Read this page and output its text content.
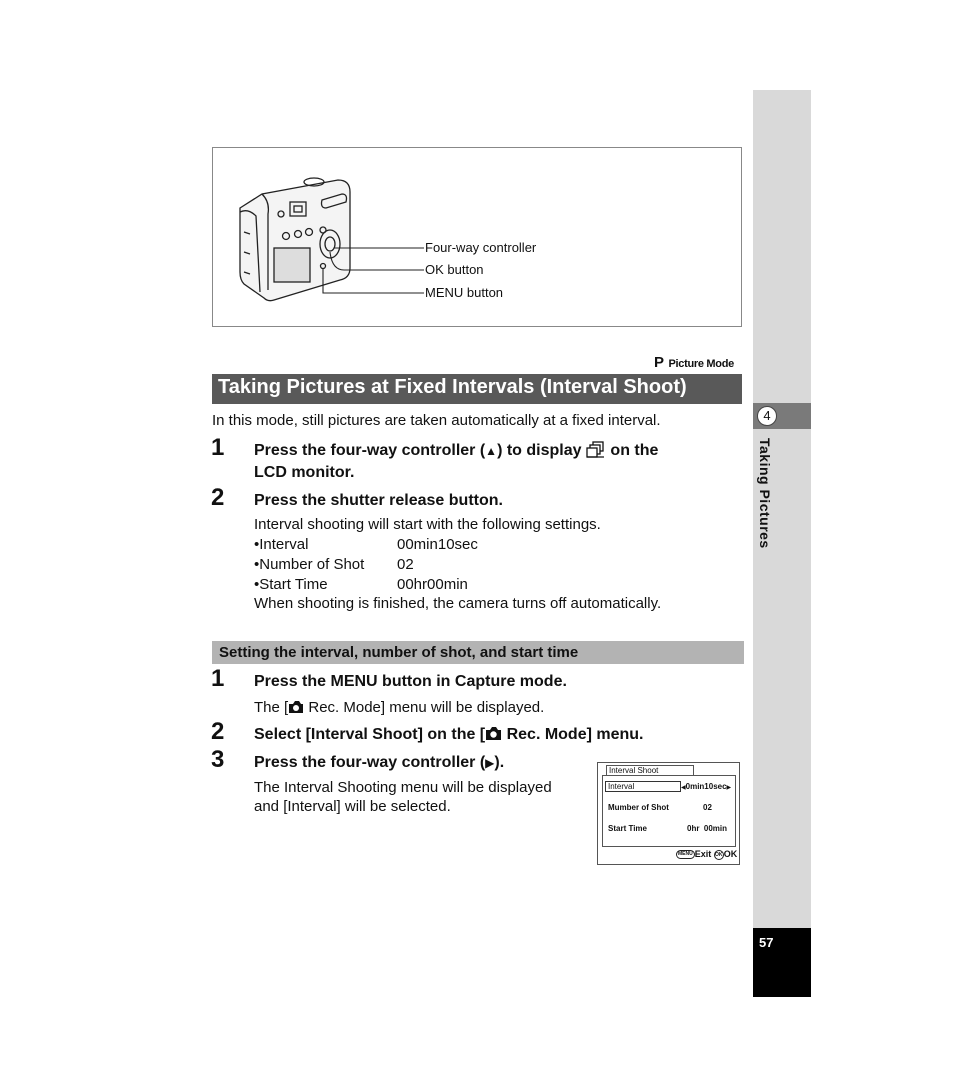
4
Taking Pictures
57
Four-way controller
OK button
MENU button
P Picture Mode
Taking Pictures at Fixed Intervals (Interval Shoot)
In this mode, still pictures are taken automatically at a fixed interval.
1 Press the four-way controller (▲) to display  on the
LCD monitor.
2 Press the shutter release button.
Interval shooting will start with the following settings.
•Interval	00min10sec
•Number of Shot 02
•Start Time	00hr00min
When shooting is finished, the camera turns off automatically.
Setting the interval, number of shot, and start time
1 Press the MENU button in Capture mode.
The [ Rec. Mode] menu will be displayed.
2 Select [Interval Shoot] on the [ Rec. Mode] menu.
3 Press the four-way controller (▶).
The Interval Shooting menu will be displayed
and [Interval] will be selected.
Interval Shoot
Interval	◀0min10sec▶
Mumber of Shot	02
Start Time	0hr  00min
MENU Exit OKOK
